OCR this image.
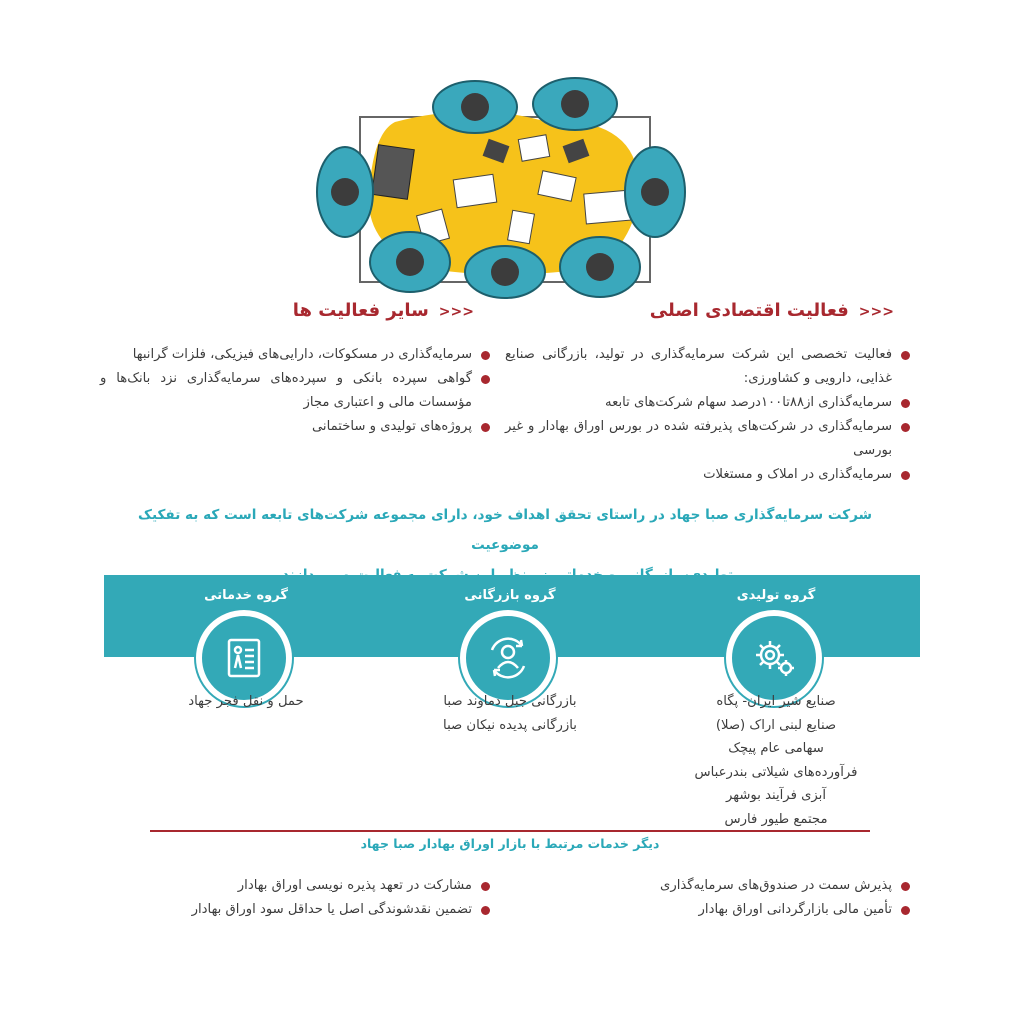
<<<فعالیت اقتصادی اصلی
<<<سایر فعالیت ها
فعالیت تخصصی این شرکت سرمایه‌گذاری در تولید، بازرگانی صنایع غذایی، دارویی و کشاورزی:
سرمایه‌گذاری از۸۸تا۱۰۰درصد سهام شرکت‌های تابعه
سرمایه‌گذاری در شرکت‌های پذیرفته شده در بورس اوراق بهادار و غیر بورسی
سرمایه‌گذاری در املاک و مستغلات
سرمایه‌گذاری در مسکوکات، دارایی‌های فیزیکی، فلزات گرانبها
گواهی سپرده بانکی و سپرده‌های سرمایه‌گذاری نزد بانک‌ها و مؤسسات مالی و اعتباری مجاز
پروژه‌های تولیدی و ساختمانی
شرکت سرمایه‌گذاری صبا جهاد در راستای تحقق اهداف خود، دارای مجموعه شرکت‌های تابعه است که به تفکیک موضوعیت
گروه تولیدی
گروه بازرگانی
گروه خدماتی
صنایع شیر ایران- پگاه
صنایع لبنی اراک (صلا)
سهامی عام پیچک
فرآورده‌های شیلاتی بندرعباس
آبزی فرآیند بوشهر
مجتمع طیور فارس
بازرگانی جبل دماوند صبا
بازرگانی پدیده نیکان صبا
حمل و نقل فجر جهاد
دیگر خدمات مرتبط با بازار اوراق بهادار صبا جهاد
پذیرش سمت در صندوق‌های سرمایه‌گذاری
تأمین مالی بازارگردانی اوراق بهادار
مشارکت در تعهد پذیره نویسی اوراق بهادار
تضمین نقدشوندگی اصل یا حداقل سود اوراق بهادار
